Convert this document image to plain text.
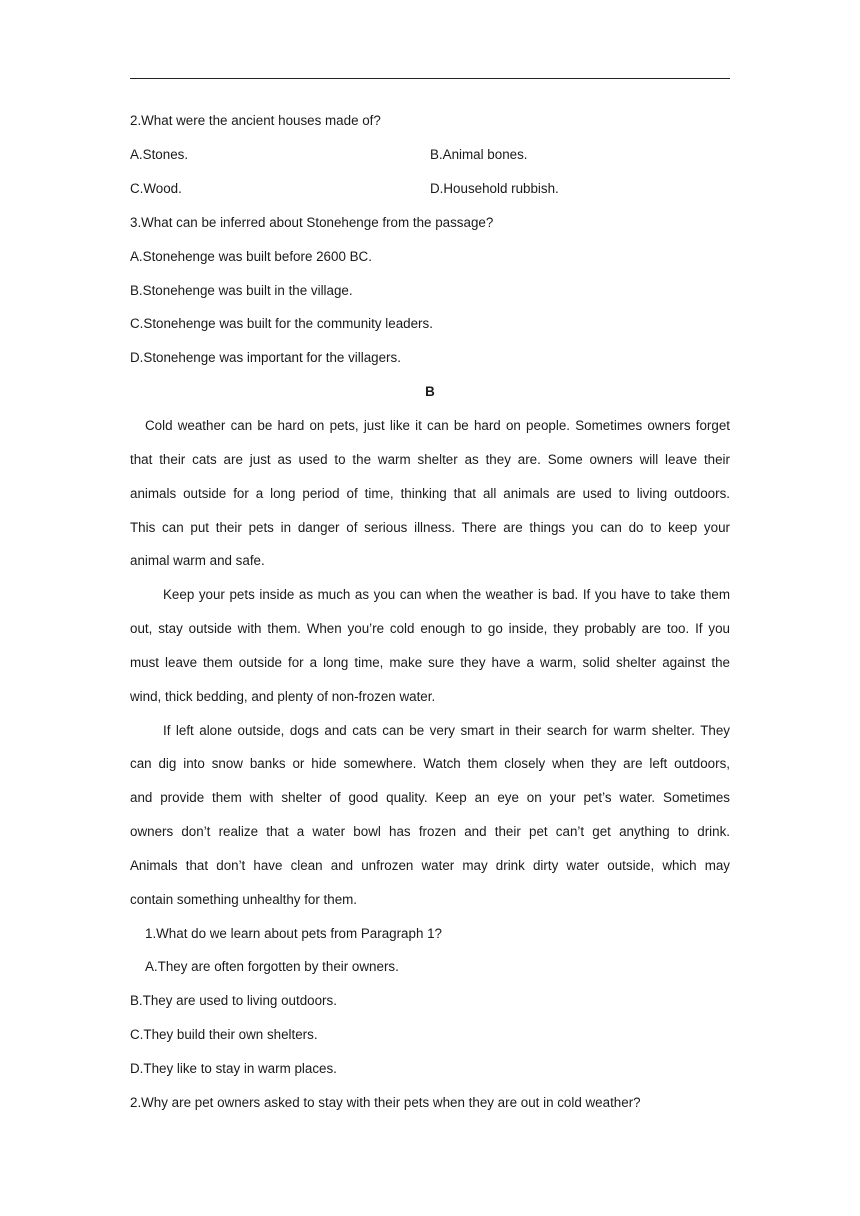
2.What were the ancient houses made of?
A.Stones.	B.Animal bones.
C.Wood.	D.Household rubbish.
3.What can be inferred about Stonehenge from the passage?
A.Stonehenge was built before 2600 BC.
B.Stonehenge was built in the village.
C.Stonehenge was built for the community leaders.
D.Stonehenge was important for the villagers.
B
Cold weather can be hard on pets, just like it can be hard on people. Sometimes owners forget
that their cats are just as used to the warm shelter as they are. Some owners will leave their
animals outside for a long period of time, thinking that all animals are used to living outdoors.
This can put their pets in danger of serious illness. There are things you can do to keep your
animal warm and safe.
Keep your pets inside as much as you can when the weather is bad. If you have to take them
out, stay outside with them. When you’re cold enough to go inside, they probably are too. If you
must leave them outside for a long time, make sure they have a warm, solid shelter against the
wind, thick bedding, and plenty of non-frozen water.
If left alone outside, dogs and cats can be very smart in their search for warm shelter. They
can dig into snow banks or hide somewhere. Watch them closely when they are left outdoors,
and provide them with shelter of good quality. Keep an eye on your pet’s water. Sometimes
owners don’t realize that a water bowl has frozen and their pet can’t get anything to drink.
Animals that don’t have clean and unfrozen water may drink dirty water outside, which may
contain something unhealthy for them.
1.What do we learn about pets from Paragraph 1?
A.They are often forgotten by their owners.
B.They are used to living outdoors.
C.They build their own shelters.
D.They like to stay in warm places.
2.Why are pet owners asked to stay with their pets when they are out in cold weather?
